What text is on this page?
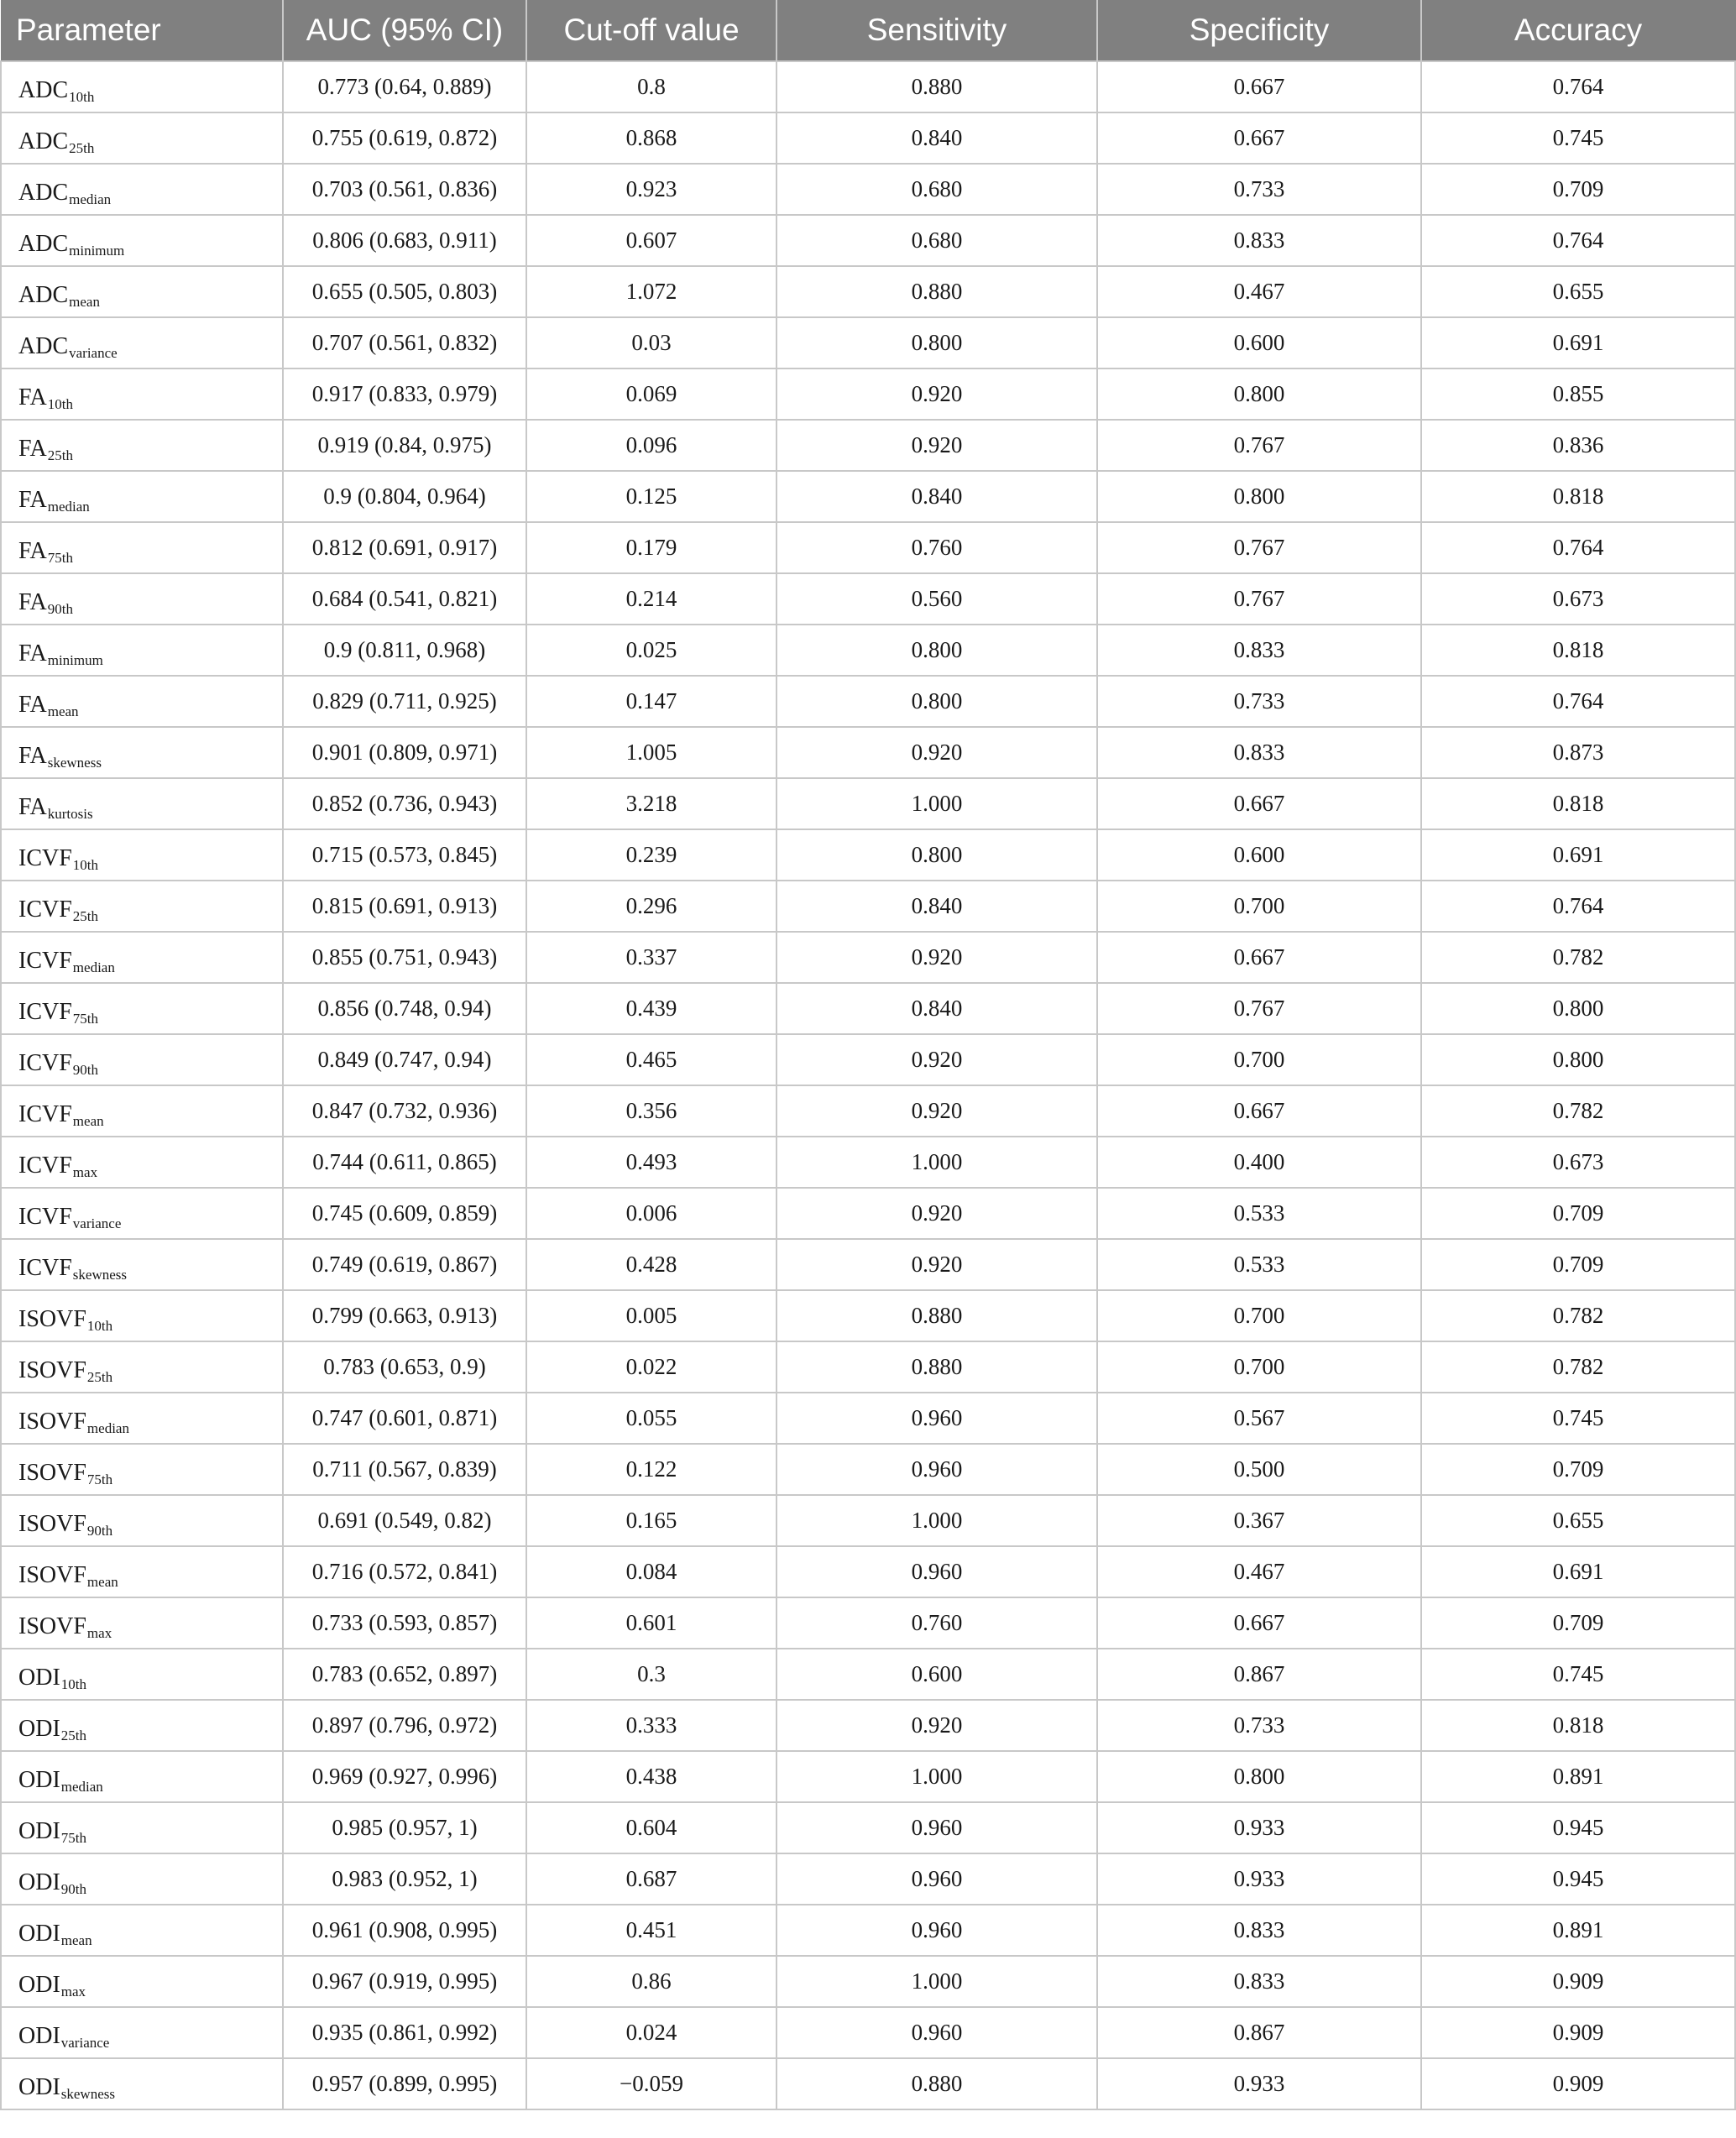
Parameter	AUC (95% CI)	Cut-off value	Sensitivity	Specificity	Accuracy
$ADC_{10th}$	0.773 (0.64, 0.889)	0.8	0.880	0.667	0.764
$ADC_{25th}$	0.755 (0.619, 0.872)	0.868	0.840	0.667	0.745
$ADC_{median}$	0.703 (0.561, 0.836)	0.923	0.680	0.733	0.709
$ADC_{minimum}$	0.806 (0.683, 0.911)	0.607	0.680	0.833	0.764
$ADC_{mean}$	0.655 (0.505, 0.803)	1.072	0.880	0.467	0.655
$ADC_{variance}$	0.707 (0.561, 0.832)	0.03	0.800	0.600	0.691
$FA_{10th}$	0.917 (0.833, 0.979)	0.069	0.920	0.800	0.855
$FA_{25th}$	0.919 (0.84, 0.975)	0.096	0.920	0.767	0.836
$FA_{median}$	0.9 (0.804, 0.964)	0.125	0.840	0.800	0.818
$FA_{75th}$	0.812 (0.691, 0.917)	0.179	0.760	0.767	0.764
$FA_{90th}$	0.684 (0.541, 0.821)	0.214	0.560	0.767	0.673
$FA_{minimum}$	0.9 (0.811, 0.968)	0.025	0.800	0.833	0.818
$FA_{mean}$	0.829 (0.711, 0.925)	0.147	0.800	0.733	0.764
$FA_{skewness}$	0.901 (0.809, 0.971)	1.005	0.920	0.833	0.873
$FA_{kurtosis}$	0.852 (0.736, 0.943)	3.218	1.000	0.667	0.818
$ICVF_{10th}$	0.715 (0.573, 0.845)	0.239	0.800	0.600	0.691
$ICVF_{25th}$	0.815 (0.691, 0.913)	0.296	0.840	0.700	0.764
$ICVF_{median}$	0.855 (0.751, 0.943)	0.337	0.920	0.667	0.782
$ICVF_{75th}$	0.856 (0.748, 0.94)	0.439	0.840	0.767	0.800
$ICVF_{90th}$	0.849 (0.747, 0.94)	0.465	0.920	0.700	0.800
$ICVF_{mean}$	0.847 (0.732, 0.936)	0.356	0.920	0.667	0.782
$ICVF_{max}$	0.744 (0.611, 0.865)	0.493	1.000	0.400	0.673
$ICVF_{variance}$	0.745 (0.609, 0.859)	0.006	0.920	0.533	0.709
$ICVF_{skewness}$	0.749 (0.619, 0.867)	0.428	0.920	0.533	0.709
$ISOVF_{10th}$	0.799 (0.663, 0.913)	0.005	0.880	0.700	0.782
$ISOVF_{25th}$	0.783 (0.653, 0.9)	0.022	0.880	0.700	0.782
$ISOVF_{median}$	0.747 (0.601, 0.871)	0.055	0.960	0.567	0.745
$ISOVF_{75th}$	0.711 (0.567, 0.839)	0.122	0.960	0.500	0.709
$ISOVF_{90th}$	0.691 (0.549, 0.82)	0.165	1.000	0.367	0.655
$ISOVF_{mean}$	0.716 (0.572, 0.841)	0.084	0.960	0.467	0.691
$ISOVF_{max}$	0.733 (0.593, 0.857)	0.601	0.760	0.667	0.709
$ODI_{10th}$	0.783 (0.652, 0.897)	0.3	0.600	0.867	0.745
$ODI_{25th}$	0.897 (0.796, 0.972)	0.333	0.920	0.733	0.818
$ODI_{median}$	0.969 (0.927, 0.996)	0.438	1.000	0.800	0.891
$ODI_{75th}$	0.985 (0.957, 1)	0.604	0.960	0.933	0.945
$ODI_{90th}$	0.983 (0.952, 1)	0.687	0.960	0.933	0.945
$ODI_{mean}$	0.961 (0.908, 0.995)	0.451	0.960	0.833	0.891
$ODI_{max}$	0.967 (0.919, 0.995)	0.86	1.000	0.833	0.909
$ODI_{variance}$	0.935 (0.861, 0.992)	0.024	0.960	0.867	0.909
$ODI_{skewness}$	0.957 (0.899, 0.995)	−0.059	0.880	0.933	0.909
